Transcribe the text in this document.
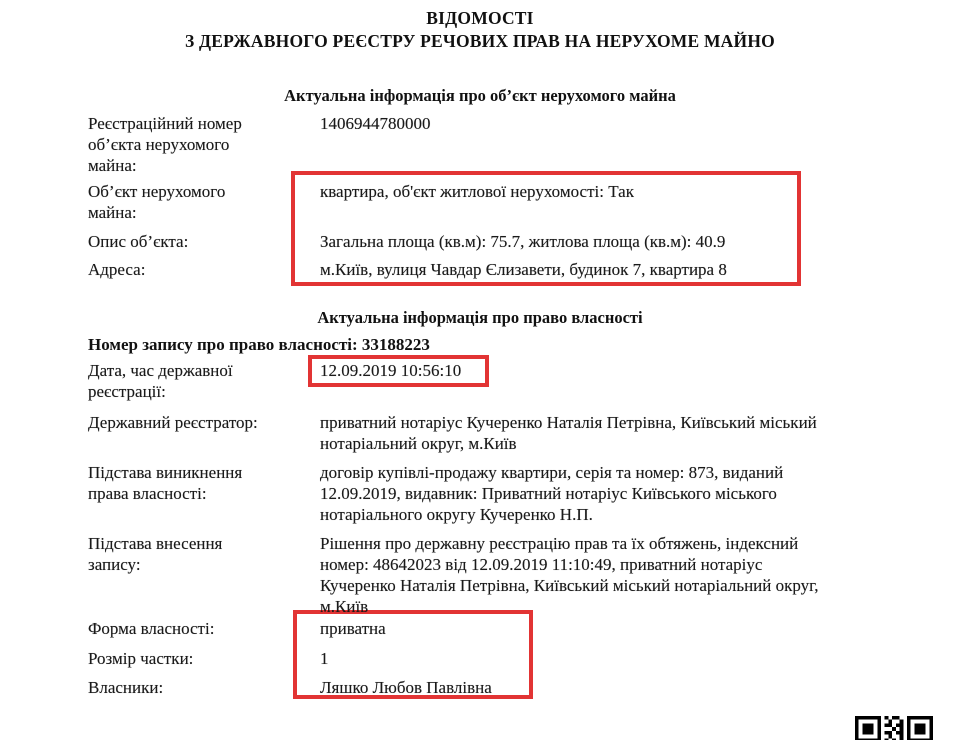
ВІДОМОСТІ
З ДЕРЖАВНОГО РЕЄСТРУ РЕЧОВИХ ПРАВ НА НЕРУХОМЕ МАЙНО
Актуальна інформація про об’єкт нерухомого майна
Реєстраційний номер
об’єкта нерухомого
майна:
1406944780000
Об’єкт нерухомого
майна:
квартира, об'єкт житлової нерухомості: Так
Опис об’єкта:	Загальна площа (кв.м): 75.7, житлова площа (кв.м): 40.9
Адреса:	м.Київ, вулиця Чавдар Єлизавети, будинок 7, квартира 8
Актуальна інформація про право власності
Номер запису про право власності: 33188223
Дата, час державної
реєстрації:
12.09.2019 10:56:10
Державний реєстратор:	приватний нотаріус Кучеренко Наталія Петрівна, Київський міський
нотаріальний округ, м.Київ
Підстава виникнення
права власності:
договір купівлі-продажу квартири, серія та номер: 873, виданий
12.09.2019, видавник: Приватний нотаріус Київського міського
нотаріального округу Кучеренко Н.П.
Підстава внесення
запису:
Рішення про державну реєстрацію прав та їх обтяжень, індексний
номер: 48642023 від 12.09.2019 11:10:49, приватний нотаріус
Кучеренко Наталія Петрівна, Київський міський нотаріальний округ,
м.Київ
Форма власності:	приватна
Розмір частки:	1
Власники:	Ляшко Любов Павлівна
